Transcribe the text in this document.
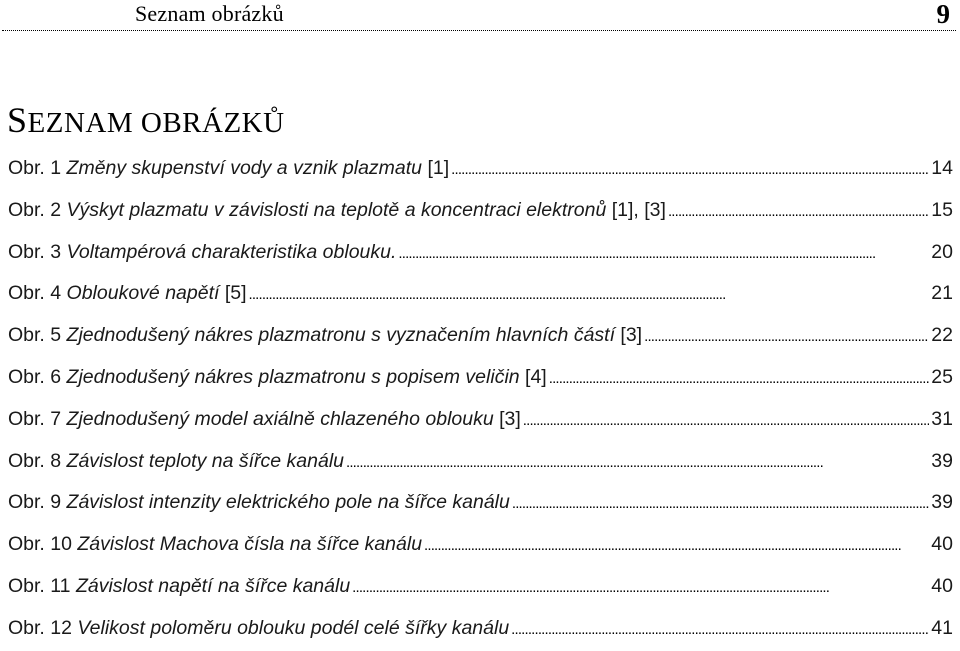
Seznam obrázků	9
SEZNAM OBRÁZKŮ
Obr. 1 Změny skupenství vody a vznik plazmatu [1] . . .	14
Obr. 2 Výskyt plazmatu v závislosti na teplotě a koncentraci elektronů [1], [3] . . .	15
Obr. 3 Voltampérová charakteristika oblouku. . . .	20
Obr. 4 Obloukové napětí [5] . . .	21
Obr. 5 Zjednodušený nákres plazmatronu s vyznačením hlavních částí [3] . . .	22
Obr. 6 Zjednodušený nákres plazmatronu s popisem veličin [4] . . .	25
Obr. 7 Zjednodušený model axiálně chlazeného oblouku [3] . . .	31
Obr. 8 Závislost teploty na šířce kanálu . . .	39
Obr. 9 Závislost intenzity elektrického pole na šířce kanálu . . .	39
Obr. 10 Závislost Machova čísla na šířce kanálu . . .	40
Obr. 11 Závislost napětí na šířce kanálu . . .	40
Obr. 12 Velikost poloměru oblouku podél celé šířky kanálu . . .	41
